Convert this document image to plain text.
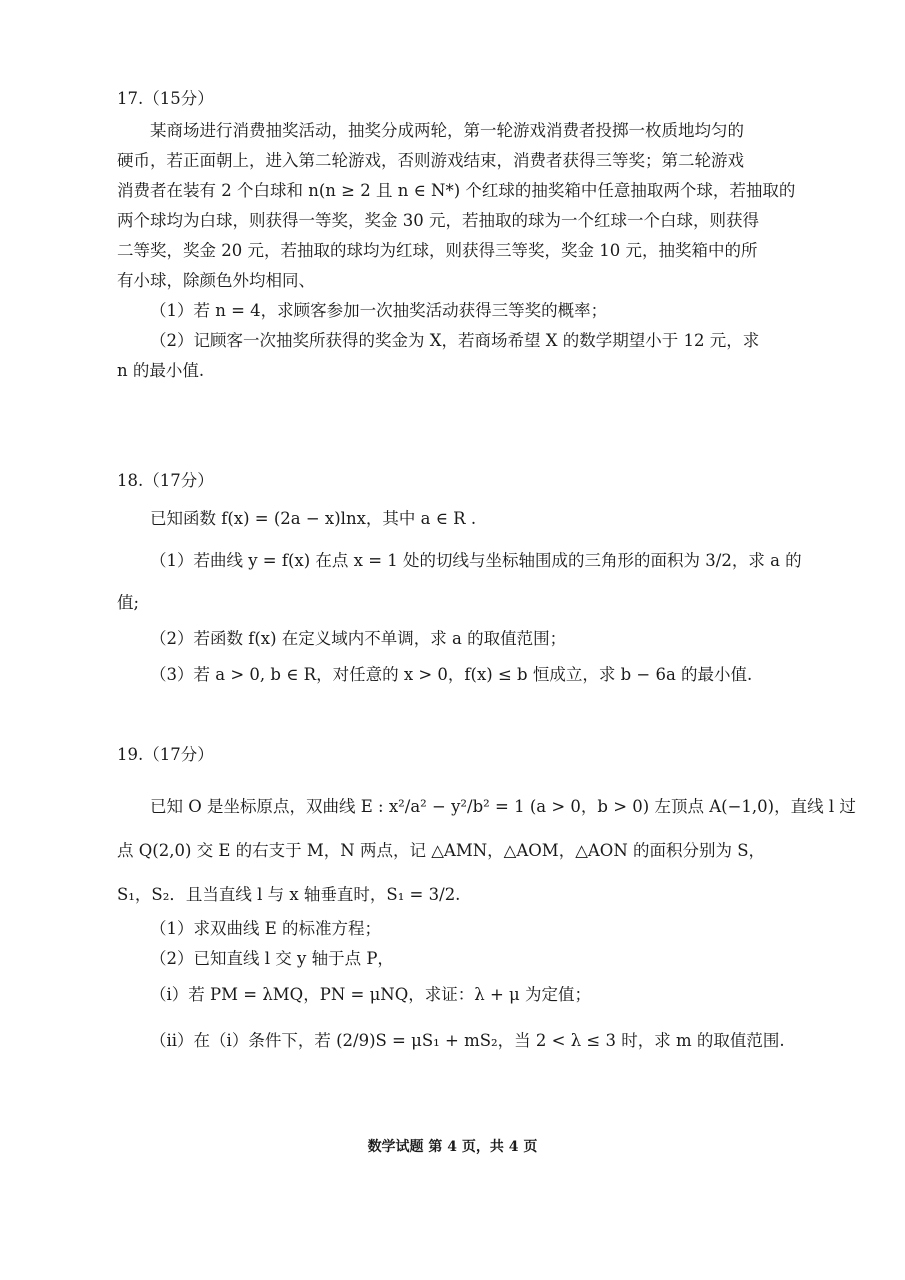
17.（15分）
某商场进行消费抽奖活动，抽奖分成两轮，第一轮游戏消费者投掷一枚质地均匀的
硬币，若正面朝上，进入第二轮游戏，否则游戏结束，消费者获得三等奖；第二轮游戏
消费者在装有 2 个白球和 n(n ≥ 2 且 n ∈ N*) 个红球的抽奖箱中任意抽取两个球，若抽取的
两个球均为白球，则获得一等奖，奖金 30 元，若抽取的球为一个红球一个白球，则获得
二等奖，奖金 20 元，若抽取的球均为红球，则获得三等奖，奖金 10 元，抽奖箱中的所
有小球，除颜色外均相同、
（1）若 n = 4，求顾客参加一次抽奖活动获得三等奖的概率；
（2）记顾客一次抽奖所获得的奖金为 X，若商场希望 X 的数学期望小于 12 元，求
n 的最小值.
18.（17分）
已知函数 f(x) = (2a − x)lnx，其中 a ∈ R .
（1）若曲线 y = f(x) 在点 x = 1 处的切线与坐标轴围成的三角形的面积为 3/2，求 a 的
值;
（2）若函数 f(x) 在定义域内不单调，求 a 的取值范围；
（3）若 a > 0, b ∈ R，对任意的 x > 0，f(x) ≤ b 恒成立，求 b − 6a 的最小值.
19.（17分）
已知 O 是坐标原点，双曲线 E : x²/a² − y²/b² = 1 (a > 0，b > 0) 左顶点 A(−1,0)，直线 l 过
点 Q(2,0) 交 E 的右支于 M，N 两点，记 △AMN，△AOM，△AON 的面积分别为 S，
S₁，S₂．且当直线 l 与 x 轴垂直时，S₁ = 3/2.
（1）求双曲线 E 的标准方程；
（2）已知直线 l 交 y 轴于点 P，
（i）若 PM = λMQ，PN = μNQ，求证：λ + μ 为定值；
（ii）在（i）条件下，若 (2/9)S = μS₁ + mS₂，当 2 < λ ≤ 3 时，求 m 的取值范围.
数学试题 第 4 页，共 4 页
